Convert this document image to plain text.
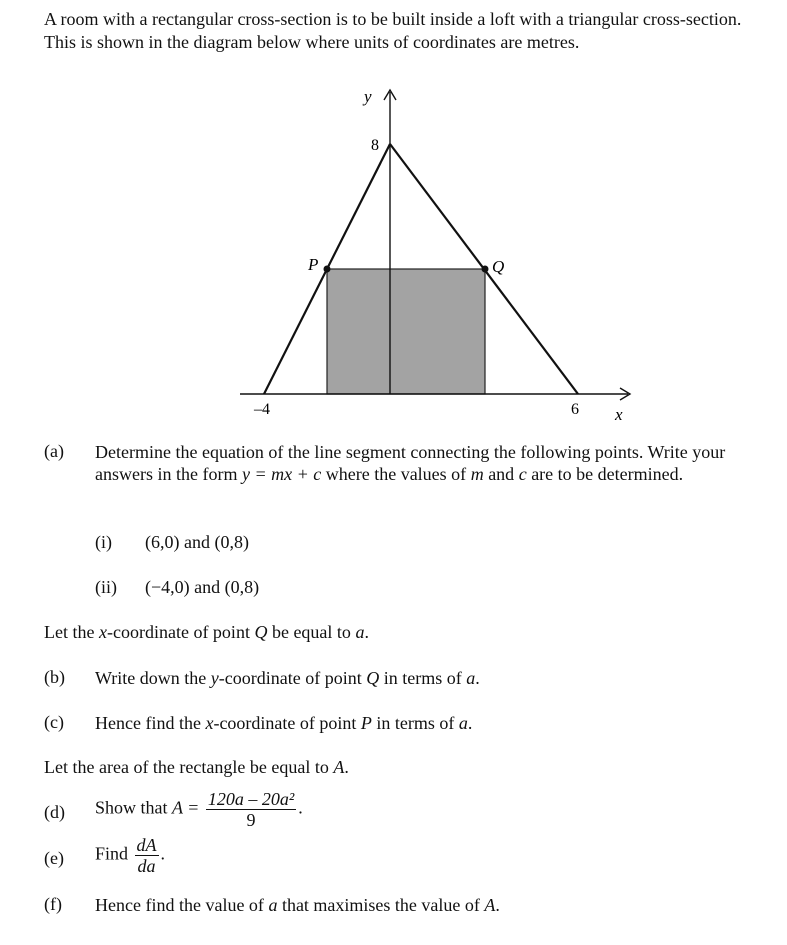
A room with a rectangular cross-section is to be built inside a loft with a triangular cross-section. This is shown in the diagram below where units of coordinates are metres.
y
x
8
–4	6
P	Q
(a) Determine the equation of the line segment connecting the following points. Write your answers in the form y = mx + c where the values of m and c are to be determined.
(i) (6,0) and (0,8)
(ii) (−4,0) and (0,8)
Let the x-coordinate of point Q be equal to a.
(b) Write down the y-coordinate of point Q in terms of a.
(c) Hence find the x-coordinate of point P in terms of a.
Let the area of the rectangle be equal to A.
(d) Show that $A = \frac{\text{120a – 20a²}}{9}$ .
(e) Find $\frac{dA}{da}$ .
(f) Hence find the value of a that maximises the value of A.
